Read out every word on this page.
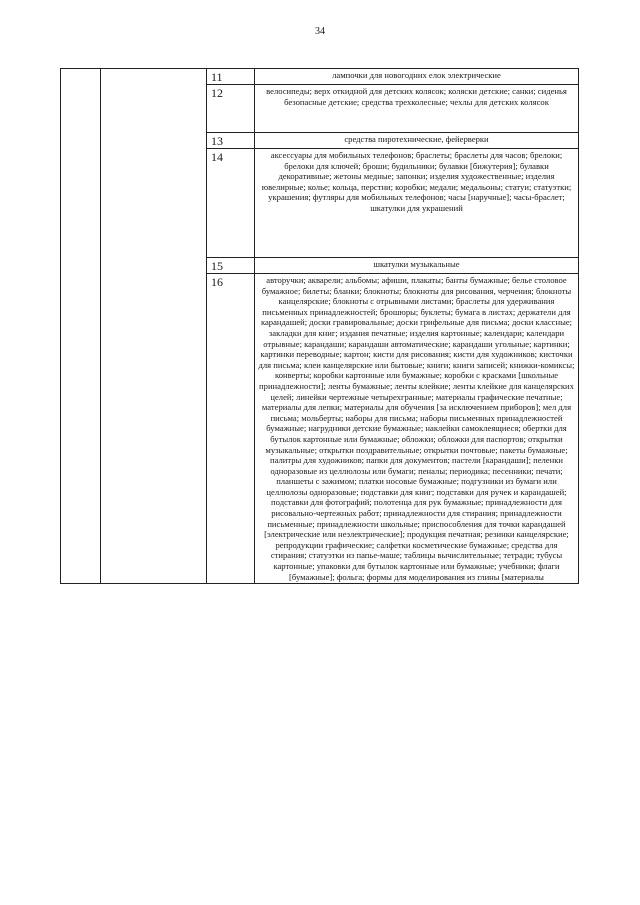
34
		11	лампочки для новогодних елок электрические
		12	велосипеды; верх откидной для детских колясок; коляски детские; санки; сиденья безопасные детские; средства трехколесные; чехлы для детских колясок
		13	средства пиротехнические, фейерверки
		14	аксессуары для мобильных телефонов; браслеты; браслеты для часов; брелоки; брелоки для ключей; броши; будильники; булавки [бижутерия]; булавки декоративные; жетоны медные; запонки; изделия художественные; изделия ювелирные; колье; кольца, перстни; коробки; медали; медальоны; статуи; статуэтки; украшения; футляры для мобильных телефонов; часы [наручные]; часы-браслет; шкатулки для украшений
		15	шкатулки музыкальные
		16	авторучки; акварели; альбомы; афиши, плакаты; банты бумажные; белье столовое бумажное; билеты; бланки; блокноты; блокноты для рисования, черчения; блокноты канцелярские; блокноты с отрывными листами; браслеты для удерживания письменных принадлежностей; брошюры; буклеты; бумага в листах; держатели для карандашей; доски гравировальные; доски грифельные для письма; доски классные; закладки для книг; издания печатные; изделия картонные; календари; календари отрывные; карандаши; карандаши автоматические; карандаши угольные; картинки; картинки переводные; картон; кисти для рисования; кисти для художников; кисточки для письма; клеи канцелярские или бытовые; книги; книги записей; книжки-комиксы; конверты; коробки картонные или бумажные; коробки с красками [школьные принадлежности]; ленты бумажные; ленты клейкие; ленты клейкие для канцелярских целей; линейки чертежные четырехгранные; материалы графические печатные; материалы для лепки; материалы для обучения [за исключением приборов]; мел для письма; мольберты; наборы для письма; наборы письменных принадлежностей бумажные; нагрудники детские бумажные; наклейки самоклеящиеся; обертки для бутылок картонные или бумажные; обложки; обложки для паспортов; открытки музыкальные; открытки поздравительные; открытки почтовые; пакеты бумажные; палитры для художников; папки для документов; пастели [карандаши]; пеленки одноразовые из целлюлозы или бумаги; пеналы; периодика; песенники; печати; планшеты с зажимом; платки носовые бумажные; подгузники из бумаги или целлюлозы одноразовые; подставки для книг; подставки для ручек и карандашей; подставки для фотографий; полотенца для рук бумажные; принадлежности для рисовально-чертежных работ; принадлежности для стирания; принадлежности письменные; принадлежности школьные; приспособления для точки карандашей [электрические или неэлектрические]; продукция печатная; резинки канцелярские; репродукции графические; салфетки косметические бумажные; средства для стирания; статуэтки из папье-маше; таблицы вычислительные; тетради; тубусы картонные; упаковки для бутылок картонные или бумажные; учебники; флаги [бумажные]; фольга; формы для моделирования из глины [материалы
